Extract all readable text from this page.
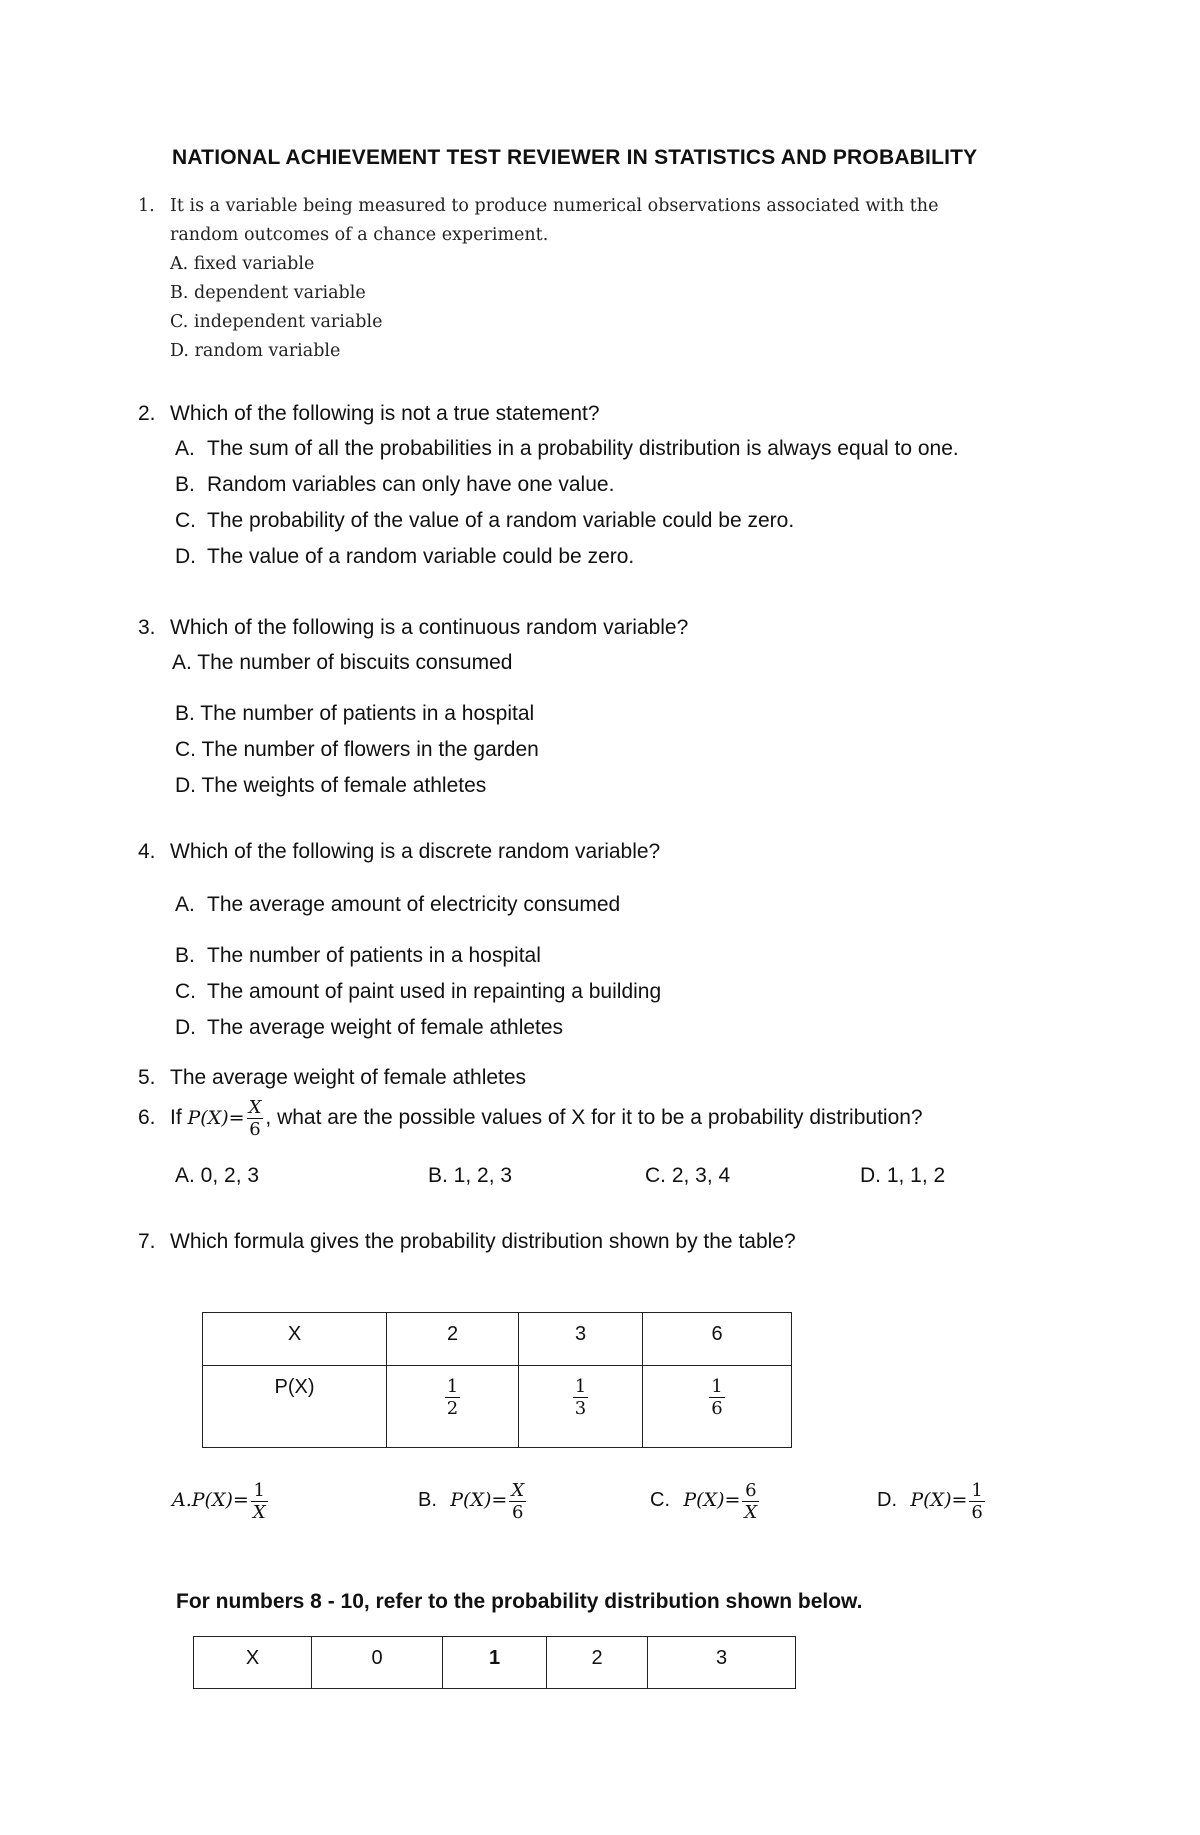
NATIONAL ACHIEVEMENT TEST REVIEWER IN STATISTICS AND PROBABILITY
1. It is a variable being measured to produce numerical observations associated with the
random outcomes of a chance experiment.
A. fixed variable
B. dependent variable
C. independent variable
D. random variable
2. Which of the following is not a true statement?
A. The sum of all the probabilities in a probability distribution is always equal to one.
B. Random variables can only have one value.
C. The probability of the value of a random variable could be zero.
D. The value of a random variable could be zero.
3. Which of the following is a continuous random variable?
A. The number of biscuits consumed
B. The number of patients in a hospital
C. The number of flowers in the garden
D. The weights of female athletes
4. Which of the following is a discrete random variable?
A. The average amount of electricity consumed
B. The number of patients in a hospital
C. The amount of paint used in repainting a building
D. The average weight of female athletes
5. The average weight of female athletes
6. If $P(X)= \frac{X}{6}$ , what are the possible values of X for it to be a probability distribution?
A. 0, 2, 3	B. 1, 2, 3	C. 2, 3, 4	D. 1, 1, 2
7. Which formula gives the probability distribution shown by the table?
X	2	3	6
P(X)	$\frac{1}{2}$	$\frac{1}{3}$	$\frac{1}{6}$
$A.P(X)= \frac{1}{X}$	B. $P(X)= \frac{X}{6}$	C. $P(X)= \frac{6}{X}$	D. $P(X)= \frac{1}{6}$
For numbers 8 - 10, refer to the probability distribution shown below.
X	0	1	2	3
